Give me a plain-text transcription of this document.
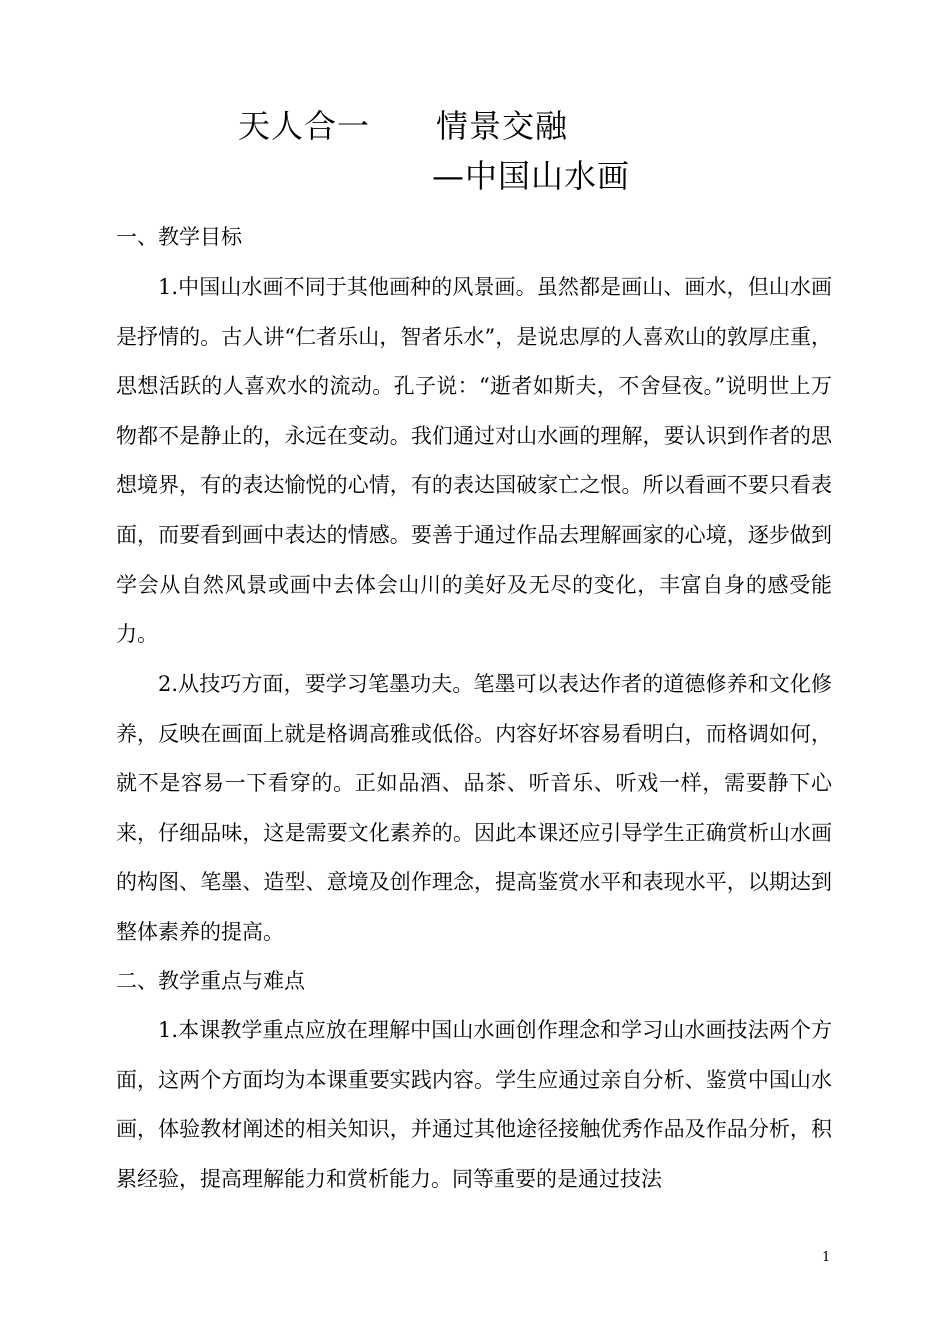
天人合一　　情景交融
—中国山水画
一、教学目标

1.中国山水画不同于其他画种的风景画。虽然都是画山、画水，但山水画是抒情的。古人讲“仁者乐山，智者乐水”，是说忠厚的人喜欢山的敦厚庄重，思想活跃的人喜欢水的流动。孔子说：“逝者如斯夫，不舍昼夜。”说明世上万物都不是静止的，永远在变动。我们通过对山水画的理解，要认识到作者的思想境界，有的表达愉悦的心情，有的表达国破家亡之恨。所以看画不要只看表面，而要看到画中表达的情感。要善于通过作品去理解画家的心境，逐步做到学会从自然风景或画中去体会山川的美好及无尽的变化，丰富自身的感受能力。

2.从技巧方面，要学习笔墨功夫。笔墨可以表达作者的道德修养和文化修养，反映在画面上就是格调高雅或低俗。内容好坏容易看明白，而格调如何，就不是容易一下看穿的。正如品酒、品茶、听音乐、听戏一样，需要静下心来，仔细品味，这是需要文化素养的。因此本课还应引导学生正确赏析山水画的构图、笔墨、造型、意境及创作理念，提高鉴赏水平和表现水平，以期达到整体素养的提高。

二、教学重点与难点

1.本课教学重点应放在理解中国山水画创作理念和学习山水画技法两个方面，这两个方面均为本课重要实践内容。学生应通过亲自分析、鉴赏中国山水画，体验教材阐述的相关知识，并通过其他途径接触优秀作品及作品分析，积累经验，提高理解能力和赏析能力。同等重要的是通过技法

1
